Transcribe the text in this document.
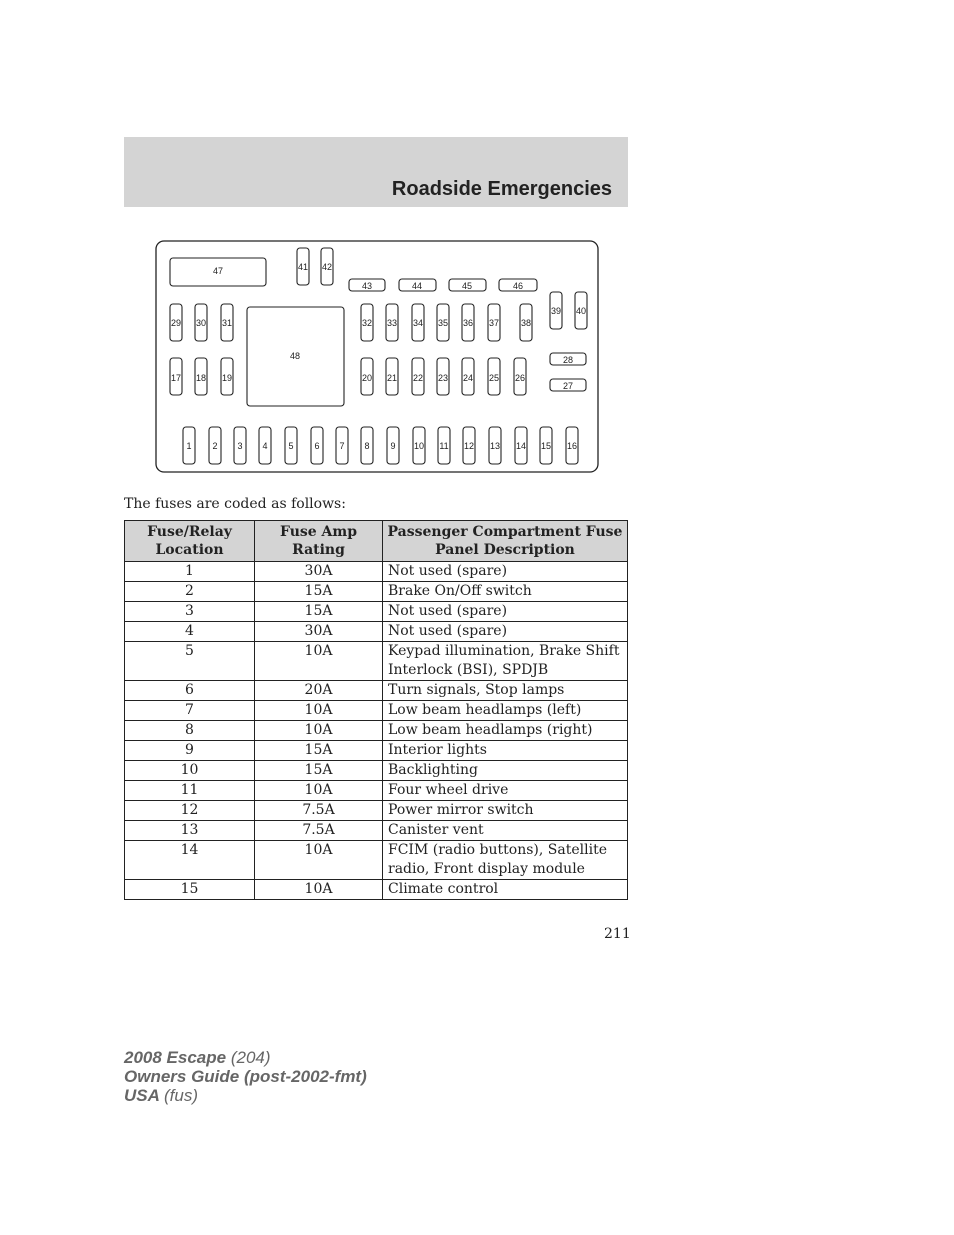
Roadside Emergencies
47	41 42
43	44	45	46
29 30 31
48
32 33 34 35 36 37 38
39 40
28
27
17 18 19	20 21 22 23 24 25 26
1 2 3 4 5 6 7 8 9 10 11 12 13 14 15 16

The fuses are coded as follows:

Fuse/Relay Location	Fuse Amp Rating	Passenger Compartment Fuse Panel Description
1	30A	Not used (spare)
2	15A	Brake On/Off switch
3	15A	Not used (spare)
4	30A	Not used (spare)
5	10A	Keypad illumination, Brake Shift Interlock (BSI), SPDJB
6	20A	Turn signals, Stop lamps
7	10A	Low beam headlamps (left)
8	10A	Low beam headlamps (right)
9	15A	Interior lights
10	15A	Backlighting
11	10A	Four wheel drive
12	7.5A	Power mirror switch
13	7.5A	Canister vent
14	10A	FCIM (radio buttons), Satellite radio, Front display module
15	10A	Climate control
211
2008 Escape (204)
Owners Guide (post-2002-fmt)
USA (fus)
